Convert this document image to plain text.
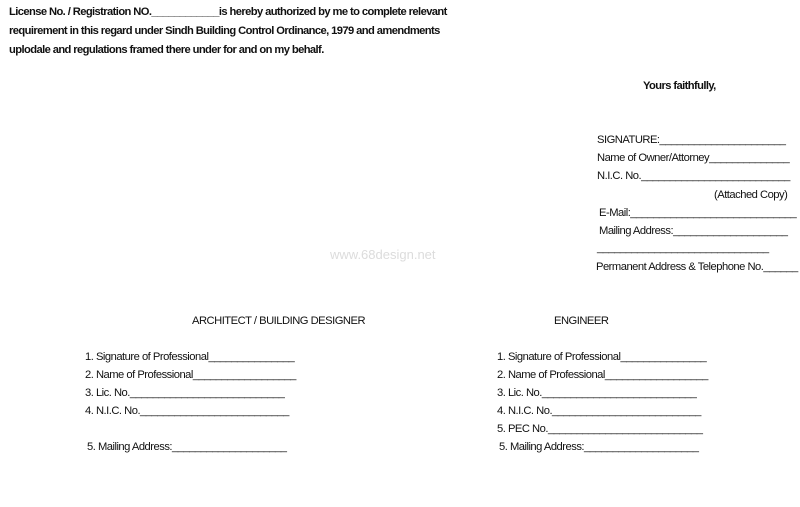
www.68design.net
License No. / Registration NO.____________is hereby authorized by me to complete relevant
requirement in this regard under Sindh Building Control Ordinance, 1979 and amendments
uplodale and regulations framed there under for and on my behalf.
Yours faithfully,
SIGNATURE:______________________
Name of Owner/Attorney______________
N.I.C. No.__________________________
(Attached Copy)
E-Mail:_____________________________
Mailing Address:____________________
______________________________
Permanent Address & Telephone No.______
ARCHITECT / BUILDING DESIGNER
1. Signature of Professional_______________
2. Name of Professional__________________
3. Lic. No.___________________________
4. N.I.C. No.__________________________
5. Mailing Address:____________________
ENGINEER
1. Signature of Professional_______________
2. Name of Professional__________________
3. Lic. No.___________________________
4. N.I.C. No.__________________________
5. PEC No.___________________________
5. Mailing Address:____________________
